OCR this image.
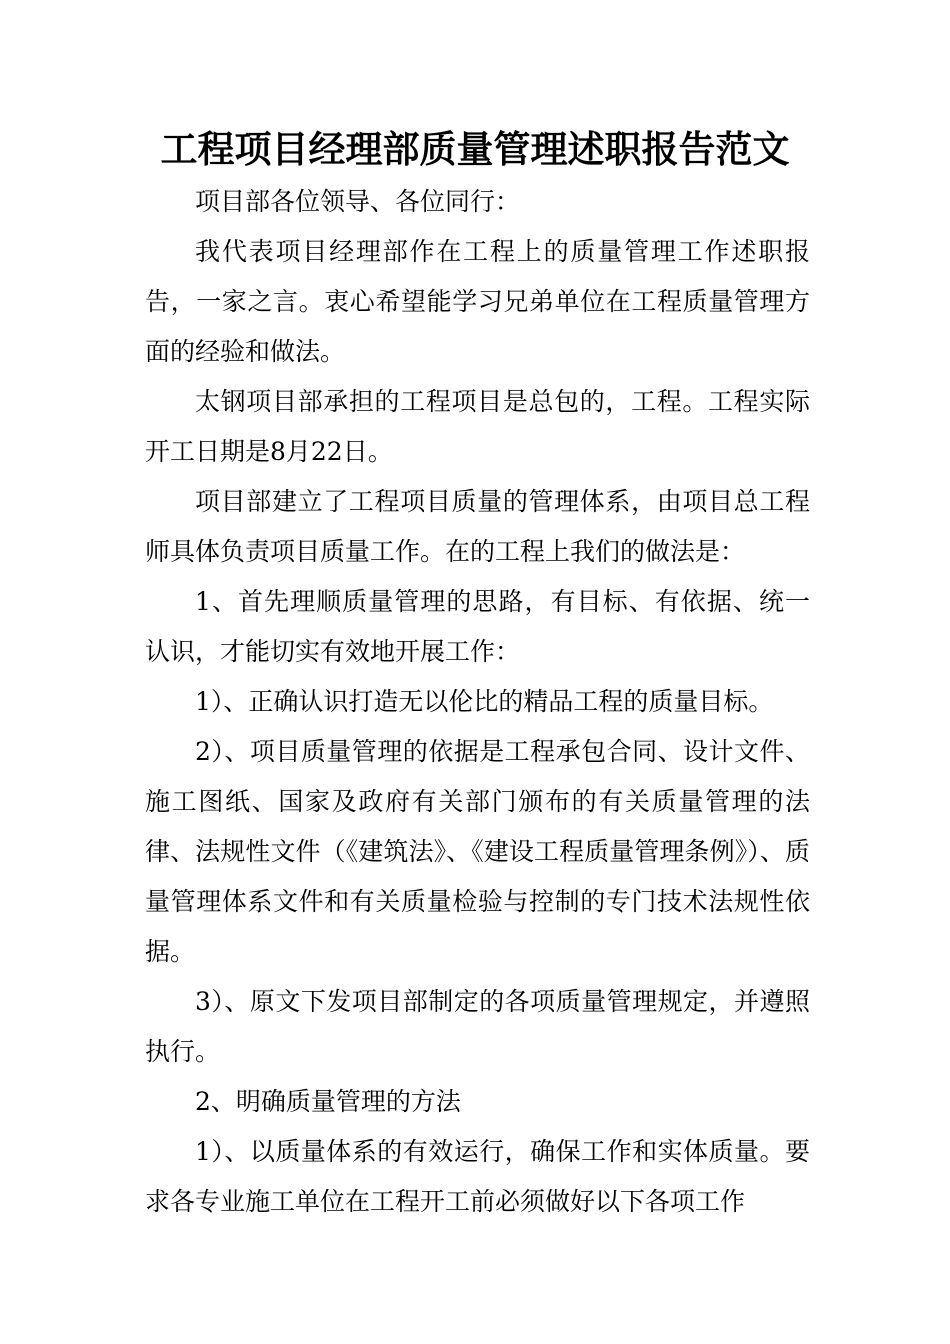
工程项目经理部质量管理述职报告范文

项目部各位领导、各位同行：

我代表项目经理部作在工程上的质量管理工作述职报告，一家之言。衷心希望能学习兄弟单位在工程质量管理方面的经验和做法。

太钢项目部承担的工程项目是总包的，工程。工程实际开工日期是8月22日。

项目部建立了工程项目质量的管理体系，由项目总工程师具体负责项目质量工作。在的工程上我们的做法是：

1、首先理顺质量管理的思路，有目标、有依据、统一认识，才能切实有效地开展工作：

1）、正确认识打造无以伦比的精品工程的质量目标。

2）、项目质量管理的依据是工程承包合同、设计文件、施工图纸、国家及政府有关部门颁布的有关质量管理的法律、法规性文件（《建筑法》、《建设工程质量管理条例》）、质量管理体系文件和有关质量检验与控制的专门技术法规性依据。

3）、原文下发项目部制定的各项质量管理规定，并遵照执行。

2、明确质量管理的方法

1）、以质量体系的有效运行，确保工作和实体质量。要求各专业施工单位在工程开工前必须做好以下各项工作
